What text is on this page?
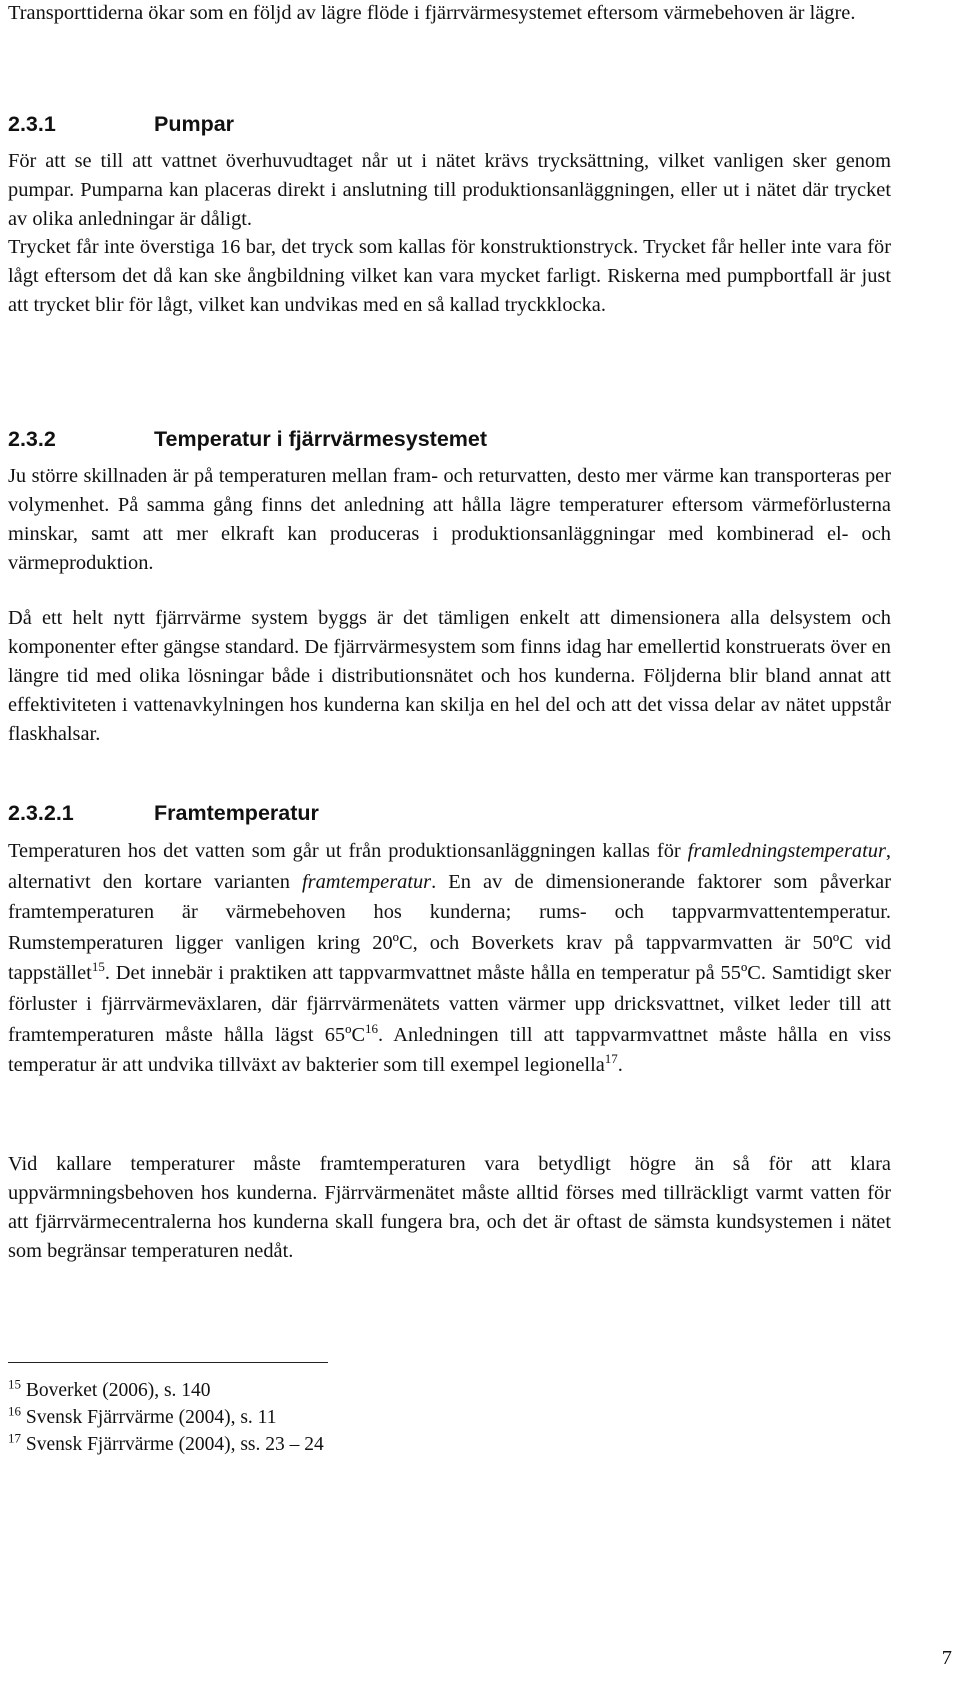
Transporttiderna ökar som en följd av lägre flöde i fjärrvärmesystemet eftersom värmebehoven är lägre.

2.3.1	Pumpar

För att se till att vattnet överhuvudtaget når ut i nätet krävs trycksättning, vilket vanligen sker genom pumpar. Pumparna kan placeras direkt i anslutning till produktionsanläggningen, eller ut i nätet där trycket av olika anledningar är dåligt.

Trycket får inte överstiga 16 bar, det tryck som kallas för konstruktionstryck. Trycket får heller inte vara för lågt eftersom det då kan ske ångbildning vilket kan vara mycket farligt. Riskerna med pumpbortfall är just att trycket blir för lågt, vilket kan undvikas med en så kallad tryckklocka.

2.3.2	Temperatur i fjärrvärmesystemet

Ju större skillnaden är på temperaturen mellan fram- och returvatten, desto mer värme kan transporteras per volymenhet. På samma gång finns det anledning att hålla lägre temperaturer eftersom värmeförlusterna minskar, samt att mer elkraft kan produceras i produktionsanläggningar med kombinerad el- och värmeproduktion.

Då ett helt nytt fjärrvärme system byggs är det tämligen enkelt att dimensionera alla delsystem och komponenter efter gängse standard. De fjärrvärmesystem som finns idag har emellertid konstruerats över en längre tid med olika lösningar både i distributionsnätet och hos kunderna. Följderna blir bland annat att effektiviteten i vattenavkylningen hos kunderna kan skilja en hel del och att det vissa delar av nätet uppstår flaskhalsar.

2.3.2.1	Framtemperatur

Temperaturen hos det vatten som går ut från produktionsanläggningen kallas för framledningstemperatur, alternativt den kortare varianten framtemperatur. En av de dimensionerande faktorer som påverkar framtemperaturen är värmebehoven hos kunderna; rums- och tappvarmvattentemperatur. Rumstemperaturen ligger vanligen kring 20ºC, och Boverkets krav på tappvarmvatten är 50ºC vid tappstället$^{15}$. Det innebär i praktiken att tappvarmvattnet måste hålla en temperatur på 55ºC. Samtidigt sker förluster i fjärrvärmeväxlaren, där fjärrvärmenätets vatten värmer upp dricksvattnet, vilket leder till att framtemperaturen måste hålla lägst 65ºC$^{16}$. Anledningen till att tappvarmvattnet måste hålla en viss temperatur är att undvika tillväxt av bakterier som till exempel legionella$^{17}$.

Vid kallare temperaturer måste framtemperaturen vara betydligt högre än så för att klara uppvärmningsbehoven hos kunderna. Fjärrvärmenätet måste alltid förses med tillräckligt varmt vatten för att fjärrvärmecentralerna hos kunderna skall fungera bra, och det är oftast de sämsta kundsystemen i nätet som begränsar temperaturen nedåt.

$^{15}$ Boverket (2006), s. 140

$^{16}$ Svensk Fjärrvärme (2004), s. 11

$^{17}$ Svensk Fjärrvärme (2004), ss. 23 – 24

7
